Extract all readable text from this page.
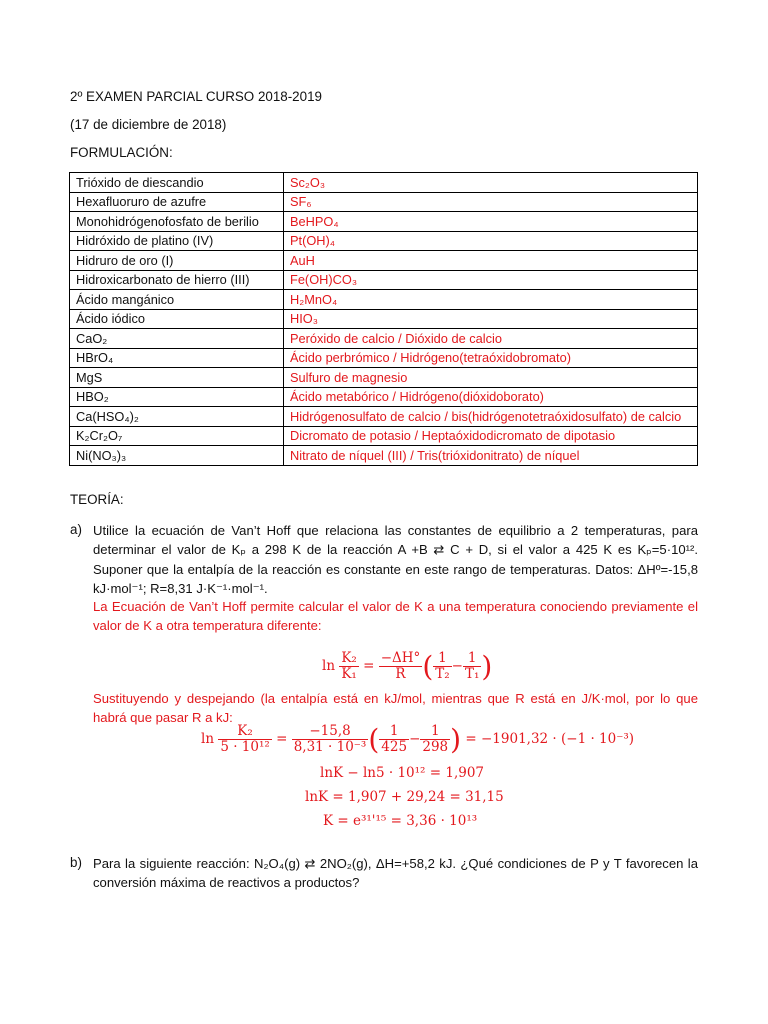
2º EXAMEN PARCIAL CURSO 2018-2019
(17 de diciembre de 2018)
FORMULACIÓN:
Trióxido de diescandio	Sc₂O₃
Hexafluoruro de azufre	SF₆
Monohidrógenofosfato de berilio	BeHPO₄
Hidróxido de platino (IV)	Pt(OH)₄
Hidruro de oro (I)	AuH
Hidroxicarbonato de hierro (III)	Fe(OH)CO₃
Ácido mangánico	H₂MnO₄
Ácido iódico	HIO₃
CaO₂	Peróxido de calcio / Dióxido de calcio
HBrO₄	Ácido perbrómico / Hidrógeno(tetraóxidobromato)
MgS	Sulfuro de magnesio
HBO₂	Ácido metabórico / Hidrógeno(dióxidoborato)
Ca(HSO₄)₂	Hidrógenosulfato de calcio / bis(hidrógenotetraóxidosulfato) de calcio
K₂Cr₂O₇	Dicromato de potasio / Heptaóxidodicromato de dipotasio
Ni(NO₃)₃	Nitrato de níquel (III) / Tris(trióxidonitrato) de níquel
TEORÍA:
a) Utilice la ecuación de Van’t Hoff que relaciona las constantes de equilibrio a 2 temperaturas, para determinar el valor de Kₚ a 298 K de la reacción A +B ⇄ C + D, si el valor a 425 K es Kₚ=5·10¹². Suponer que la entalpía de la reacción es constante en este rango de temperaturas. Datos: ΔHº=-15,8 kJ·mol⁻¹; R=8,31 J·K⁻¹·mol⁻¹.
La Ecuación de Van’t Hoff permite calcular el valor de K a una temperatura conociendo previamente el valor de K a otra temperatura diferente:
$\ln \frac{\text{K₂}}{\text{K₁}} = \frac{-\Delta H^\circ}{R}$ ( $\frac{1}{\text{T₂}} - \frac{1}{\text{T₁}}$ )
Sustituyendo y despejando (la entalpía está en kJ/mol, mientras que R está en J/K·mol, por lo que habrá que pasar R a kJ:
$\ln \frac{\text{K₂}}{\text{5 · 10¹²}} = \frac{-15,8}{\text{8,31 · 10⁻³}}$ ( $\frac{1}{425} - \frac{1}{298}$ ) = −1901,32 · (−1 · 10⁻³)
lnK − ln5 · 10¹² = 1,907
lnK = 1,907 + 29,24 = 31,15
K = e³¹'¹⁵ = 3,36 · 10¹³
b) Para la siguiente reacción: N₂O₄(g) ⇄ 2NO₂(g), ΔH=+58,2 kJ. ¿Qué condiciones de P y T favorecen la conversión máxima de reactivos a productos?
